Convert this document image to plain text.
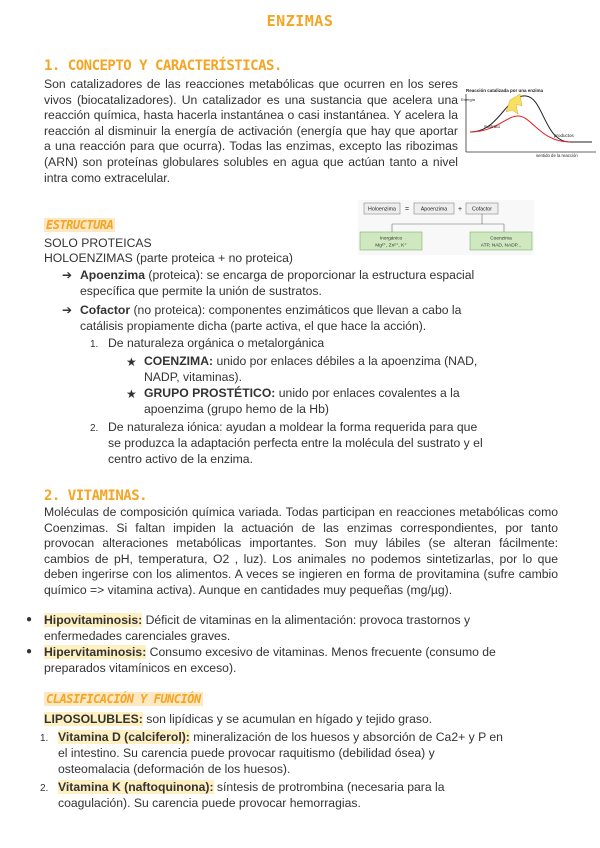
ENZIMAS
1. CONCEPTO Y CARACTERÍSTICAS.

Son catalizadores de las reacciones metabólicas que ocurren en los seres vivos (biocatalizadores). Un catalizador es una sustancia que acelera una reacción química, hasta hacerla instantánea o casi instantánea. Y acelera la reacción al disminuir la energía de activación (energía que hay que aportar a una reacción para que ocurra). Todas las enzimas, excepto las ribozimas (ARN) son proteínas globulares solubles en agua que actúan tanto a nivel intra como extracelular.

Reacción catalizada por una enzima
Energía
sustrato
productos
sentido de la reacción
ESTRUCTURA
Holoenzima = Apoenzima + Cofactor
Inorgánico
Mg²⁺, Zn²⁺, K⁺
Coenzima
ATP, NAD, NADP...
SOLO PROTEICAS
HOLOENZIMAS (parte proteica + no proteica)
➔ Apoenzima (proteica): se encarga de proporcionar la estructura espacial
específica que permite la unión de sustratos.
➔ Cofactor (no proteica): componentes enzimáticos que llevan a cabo la
catálisis propiamente dicha (parte activa, el que hace la acción).
1. De naturaleza orgánica o metalorgánica
★ COENZIMA: unido por enlaces débiles a la apoenzima (NAD,
NADP, vitaminas).
★ GRUPO PROSTÉTICO: unido por enlaces covalentes a la
apoenzima (grupo hemo de la Hb)
2. De naturaleza iónica: ayudan a moldear la forma requerida para que
se produzca la adaptación perfecta entre la molécula del sustrato y el
centro activo de la enzima.
2. VITAMINAS.

Moléculas de composición química variada. Todas participan en reacciones metabólicas como Coenzimas. Si faltan impiden la actuación de las enzimas correspondientes, por tanto provocan alteraciones metabólicas importantes. Son muy lábiles (se alteran fácilmente: cambios de pH, temperatura, O2 , luz). Los animales no podemos sintetizarlas, por lo que deben ingerirse con los alimentos. A veces se ingieren en forma de provitamina (sufre cambio químico => vitamina activa). Aunque en cantidades muy pequeñas (mg/µg).

● Hipovitaminosis: Déficit de vitaminas en la alimentación: provoca trastornos y
enfermedades carenciales graves.
● Hipervitaminosis: Consumo excesivo de vitaminas. Menos frecuente (consumo de
preparados vitamínicos en exceso).
CLASIFICACIÓN Y FUNCIÓN
LIPOSOLUBLES: son lipídicas y se acumulan en hígado y tejido graso.
1. Vitamina D (calciferol): mineralización de los huesos y absorción de Ca2+ y P en
el intestino. Su carencia puede provocar raquitismo (debilidad ósea) y
osteomalacia (deformación de los huesos).
2. Vitamina K (naftoquinona): síntesis de protrombina (necesaria para la
coagulación). Su carencia puede provocar hemorragias.
